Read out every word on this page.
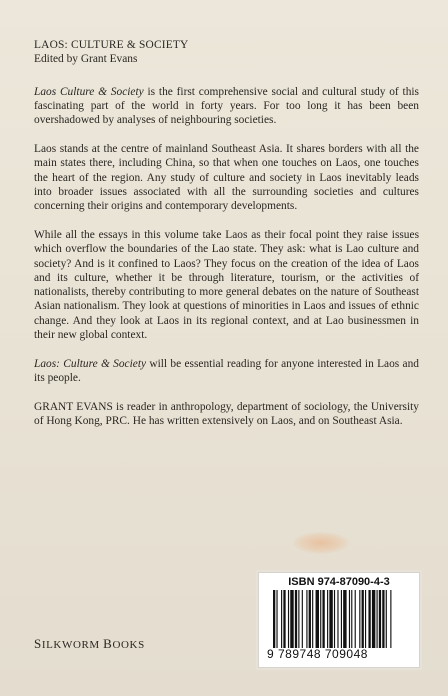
LAOS: CULTURE & SOCIETY
Edited by Grant Evans

Laos Culture & Society is the first comprehensive social and cultural study of this fascinating part of the world in forty years. For too long it has been been overshadowed by analyses of neighbouring societies.

Laos stands at the centre of mainland Southeast Asia. It shares borders with all the main states there, including China, so that when one touches on Laos, one touches the heart of the region. Any study of culture and society in Laos inevitably leads into broader issues associated with all the surrounding societies and cultures concerning their origins and contemporary developments.

While all the essays in this volume take Laos as their focal point they raise issues which overflow the boundaries of the Lao state. They ask: what is Lao culture and society? And is it confined to Laos? They focus on the creation of the idea of Laos and its culture, whether it be through literature, tourism, or the activities of nationalists, thereby contributing to more general debates on the nature of Southeast Asian nationalism. They look at questions of minorities in Laos and issues of ethnic change. And they look at Laos in its regional context, and at Lao businessmen in their new global context.

Laos: Culture & Society will be essential reading for anyone interested in Laos and its people.

GRANT EVANS is reader in anthropology, department of sociology, the University of Hong Kong, PRC. He has written extensively on Laos, and on Southeast Asia.

SILKWORM BOOKS
ISBN 974-87090-4-3
9 789748 709048
